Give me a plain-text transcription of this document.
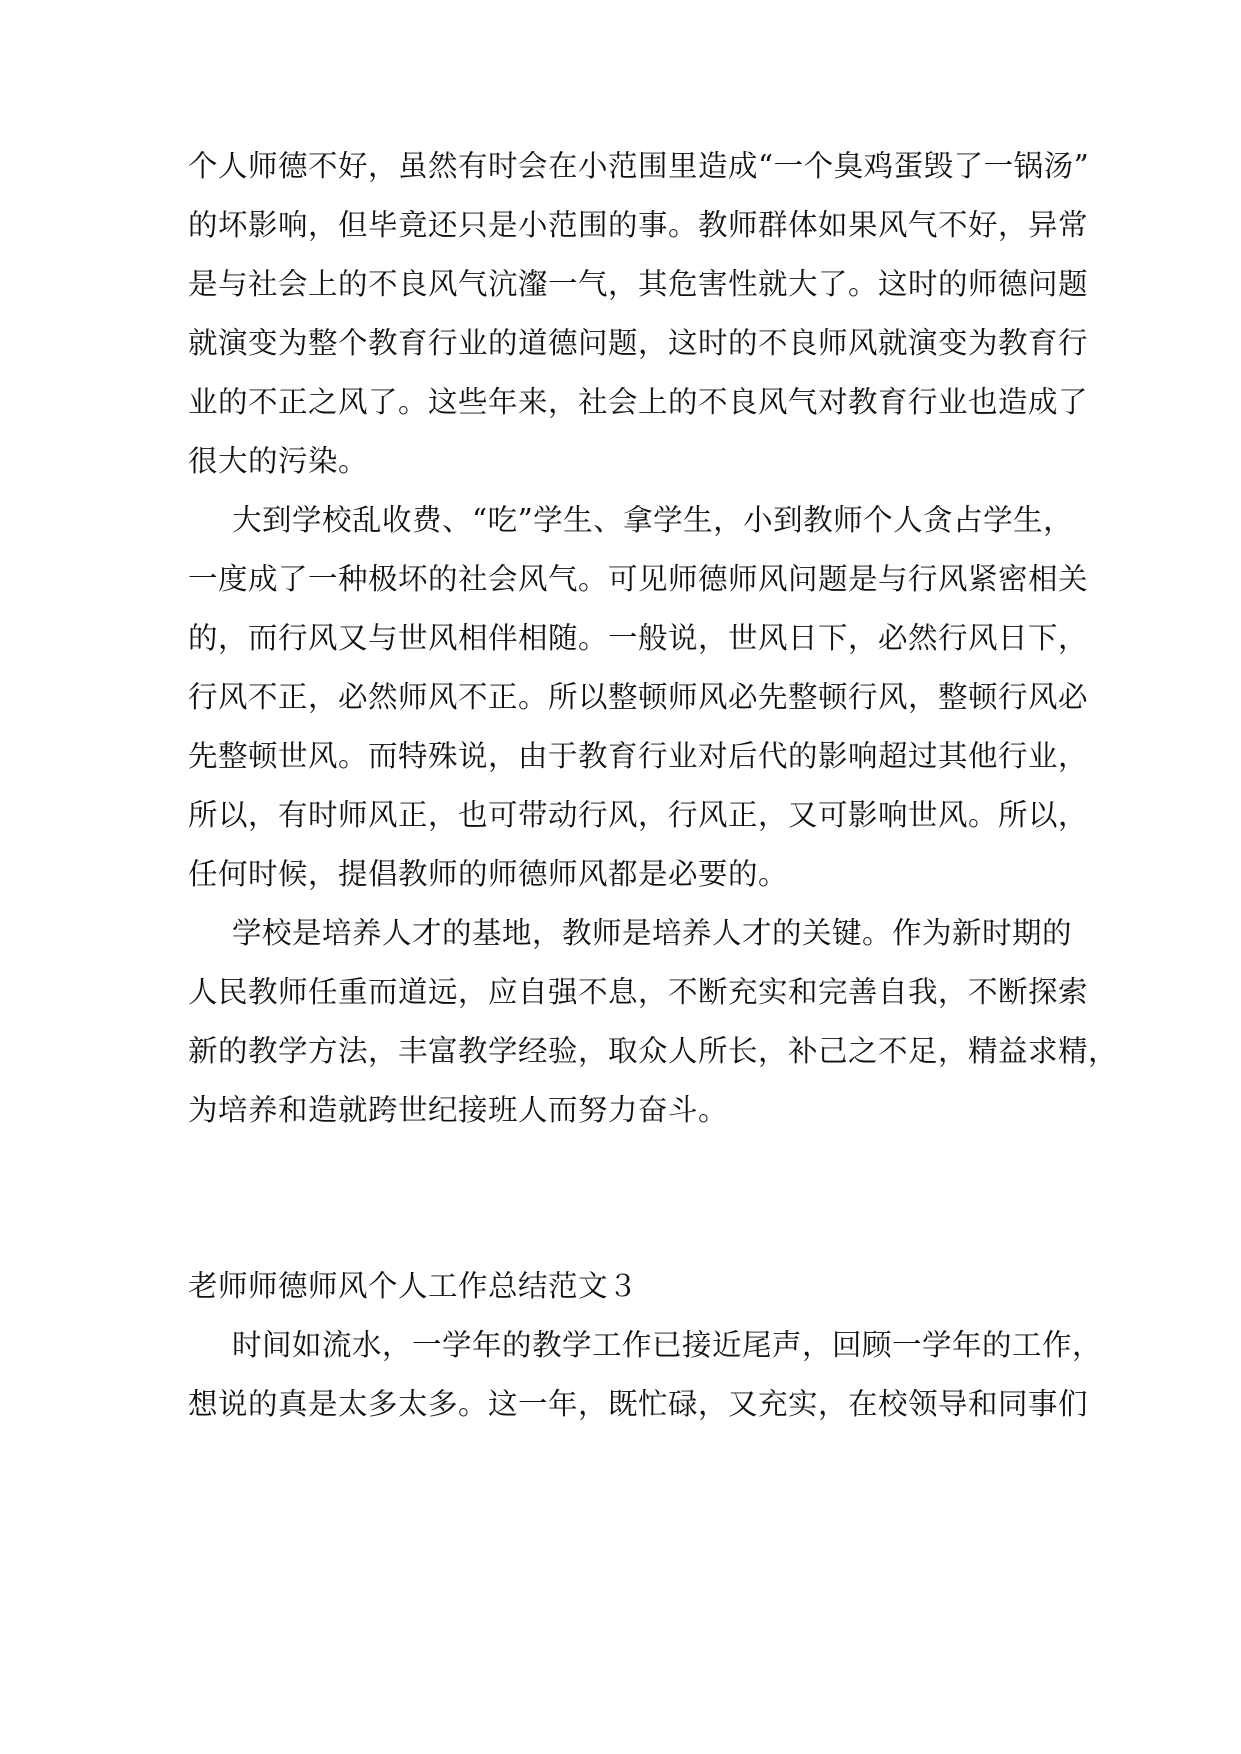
个人师德不好，虽然有时会在小范围里造成“一个臭鸡蛋毁了一锅汤”
的坏影响，但毕竟还只是小范围的事。教师群体如果风气不好，异常
是与社会上的不良风气沆瀣一气，其危害性就大了。这时的师德问题
就演变为整个教育行业的道德问题，这时的不良师风就演变为教育行
业的不正之风了。这些年来，社会上的不良风气对教育行业也造成了
很大的污染。
大到学校乱收费、“吃”学生、拿学生，小到教师个人贪占学生，
一度成了一种极坏的社会风气。可见师德师风问题是与行风紧密相关
的，而行风又与世风相伴相随。一般说，世风日下，必然行风日下，
行风不正，必然师风不正。所以整顿师风必先整顿行风，整顿行风必
先整顿世风。而特殊说，由于教育行业对后代的影响超过其他行业，
所以，有时师风正，也可带动行风，行风正，又可影响世风。所以，
任何时候，提倡教师的师德师风都是必要的。
学校是培养人才的基地，教师是培养人才的关键。作为新时期的
人民教师任重而道远，应自强不息，不断充实和完善自我，不断探索
新的教学方法，丰富教学经验，取众人所长，补己之不足，精益求精，
为培养和造就跨世纪接班人而努力奋斗。
老师师德师风个人工作总结范文３
时间如流水，一学年的教学工作已接近尾声，回顾一学年的工作，
想说的真是太多太多。这一年，既忙碌，又充实，在校领导和同事们
